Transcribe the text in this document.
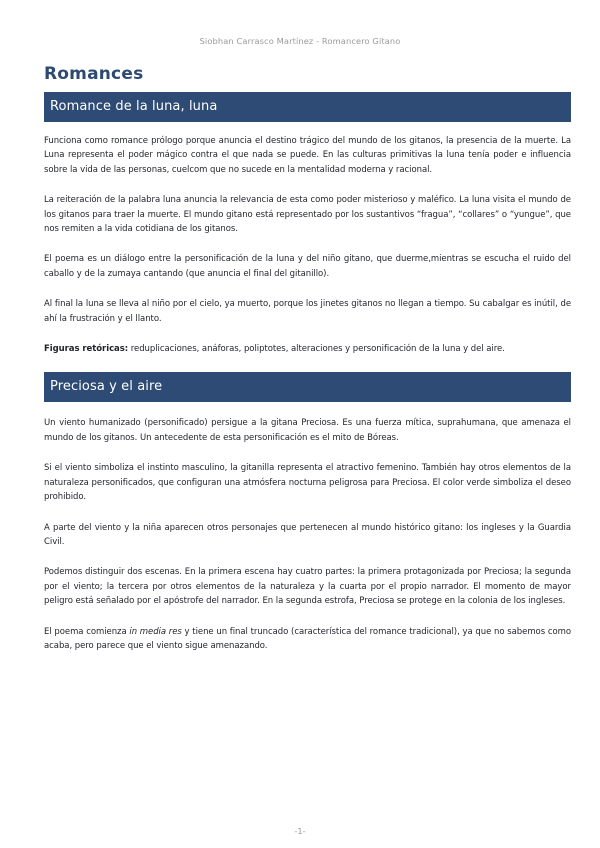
Siobhan Carrasco Martínez - Romancero Gitano
Romances
Romance de la luna, luna

Funciona como romance prólogo porque anuncia el destino trágico del mundo de los gitanos, la presencia de la muerte. La Luna representa el poder mágico contra el que nada se puede. En las culturas primitivas la luna tenía poder e influencia sobre la vida de las personas, cuelcom que no sucede en la mentalidad moderna y racional.

La reiteración de la palabra luna anuncia la relevancia de esta como poder misterioso y maléfico. La luna visita el mundo de los gitanos para traer la muerte. El mundo gitano está representado por los sustantivos “fragua”, “collares” o “yungue”, que nos remiten a la vida cotidiana de los gitanos.

El poema es un diálogo entre la personificación de la luna y del niño gitano, que duerme,mientras se escucha el ruido del caballo y de la zumaya cantando (que anuncia el final del gitanillo).

Al final la luna se lleva al niño por el cielo, ya muerto, porque los jinetes gitanos no llegan a tiempo. Su cabalgar es inútil, de ahí la frustración y el llanto.

Figuras retóricas: reduplicaciones, anáforas, poliptotes, alteraciones y personificación de la luna y del aire.

Preciosa y el aire

Un viento humanizado (personificado) persigue a la gitana Preciosa. Es una fuerza mítica, suprahumana, que amenaza el mundo de los gitanos. Un antecedente de esta personificación es el mito de Bóreas.

Si el viento simboliza el instinto masculino, la gitanilla representa el atractivo femenino. También hay otros elementos de la naturaleza personificados, que configuran una atmósfera nocturna peligrosa para Preciosa. El color verde simboliza el deseo prohibido.

A parte del viento y la niña aparecen otros personajes que pertenecen al mundo histórico gitano: los ingleses y la Guardia Civil.

Podemos distinguir dos escenas. En la primera escena hay cuatro partes: la primera protagonizada por Preciosa; la segunda por el viento; la tercera por otros elementos de la naturaleza y la cuarta por el propio narrador. El momento de mayor peligro está señalado por el apóstrofe del narrador. En la segunda estrofa, Preciosa se protege en la colonia de los ingleses.

El poema comienza in media res y tiene un final truncado (característica del romance tradicional), ya que no sabemos como acaba, pero parece que el viento sigue amenazando.

-1-
